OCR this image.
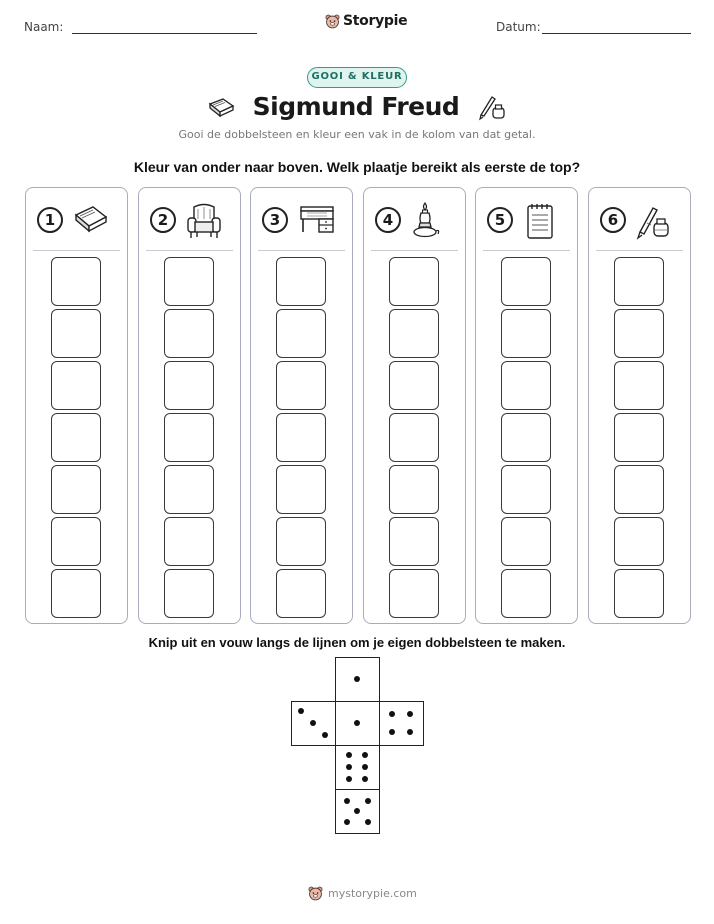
Naam:	Storypie	Datum:
GOOI & KLEUR
Sigmund Freud
Gooi de dobbelsteen en kleur een vak in de kolom van dat getal.
Kleur van onder naar boven. Welk plaatje bereikt als eerste de top?
1	2	3	4	5	6
Knip uit en vouw langs de lijnen om je eigen dobbelsteen te maken.
mystorypie.com
